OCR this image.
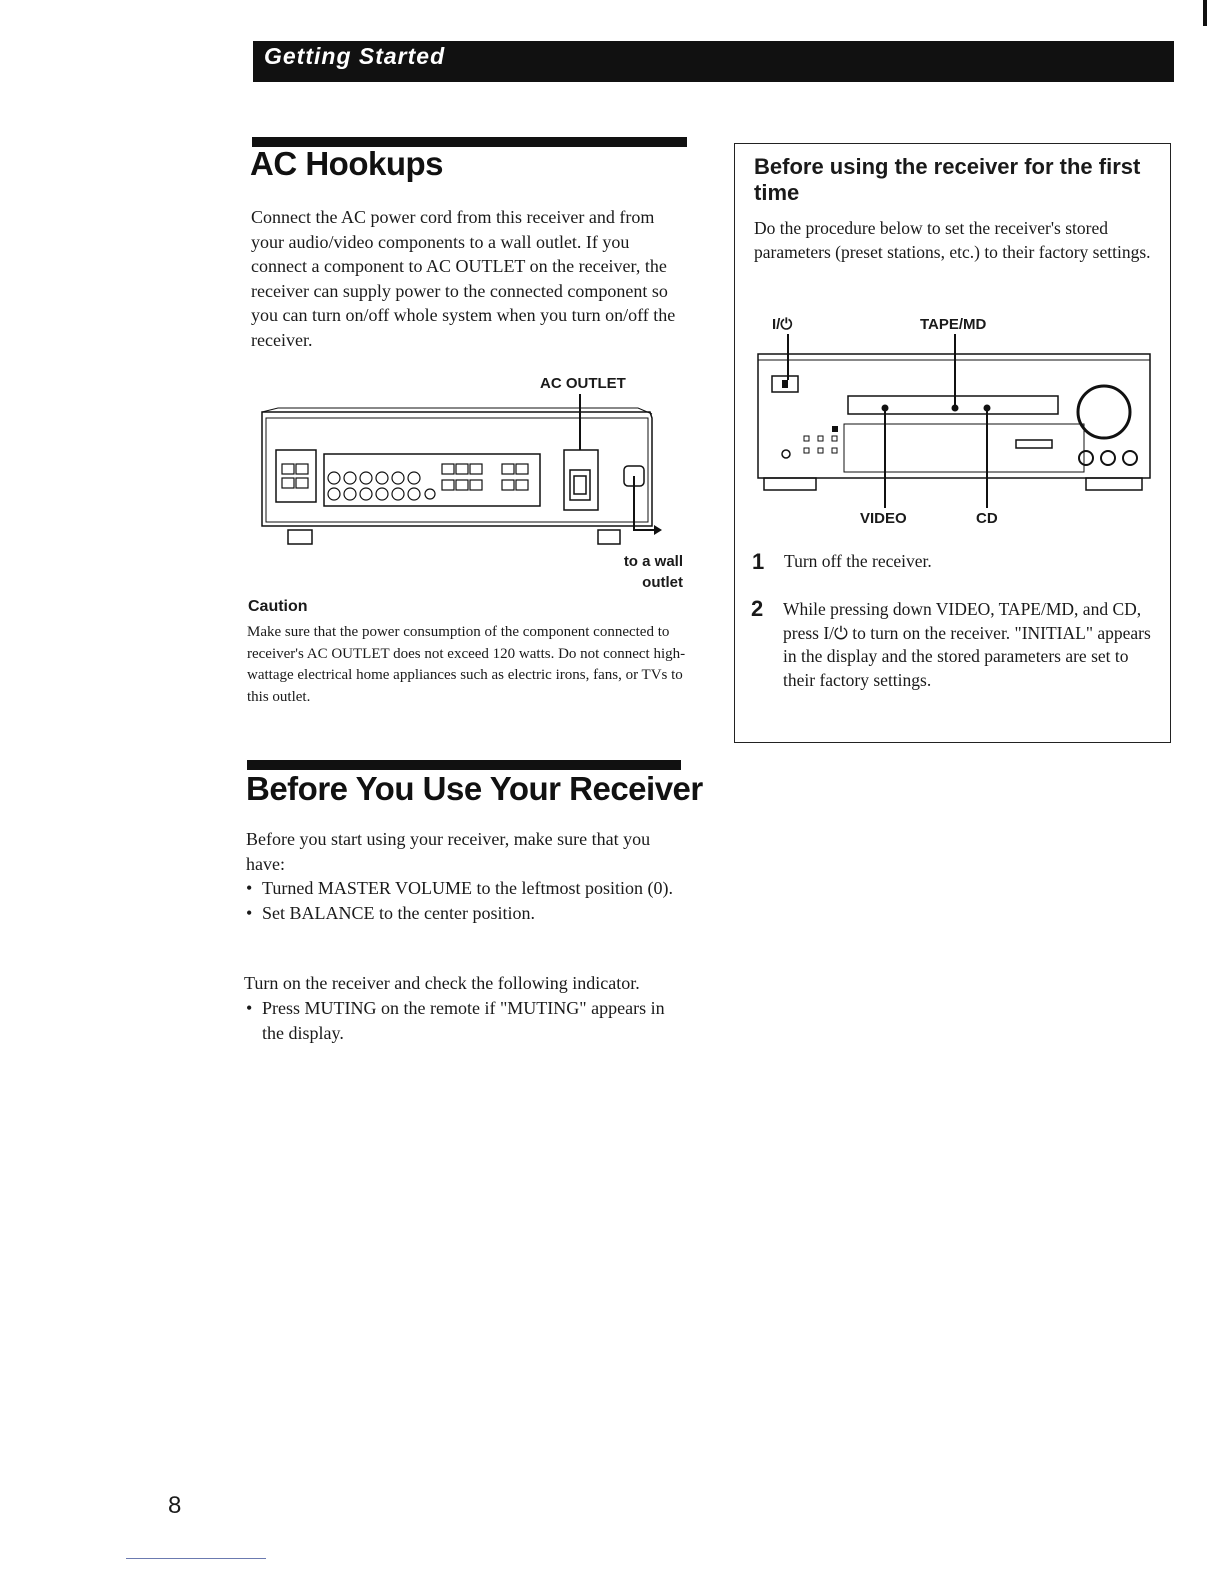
Getting Started
AC Hookups
Connect the AC power cord from this receiver and from your audio/video components to a wall outlet. If you connect a component to AC OUTLET on the receiver, the receiver can supply power to the connected component so you can turn on/off whole system when you turn on/off the receiver.
AC OUTLET
to a wall outlet
Caution
Make sure that the power consumption of the component connected to receiver's AC OUTLET does not exceed 120 watts. Do not connect high-wattage electrical home appliances such as electric irons, fans, or TVs to this outlet.
Before using the receiver for the first time
Do the procedure below to set the receiver's stored parameters (preset stations, etc.) to their factory settings.
I/⏻	TAPE/MD
VIDEO	CD
1 Turn off the receiver.
2 While pressing down VIDEO, TAPE/MD, and CD, press I/⏻ to turn on the receiver. "INITIAL" appears in the display and the stored parameters are set to their factory settings.
Before You Use Your Receiver
Before you start using your receiver, make sure that you have:
• Turned MASTER VOLUME to the leftmost position (0).
• Set BALANCE to the center position.
Turn on the receiver and check the following indicator.
• Press MUTING on the remote if "MUTING" appears in the display.
8
